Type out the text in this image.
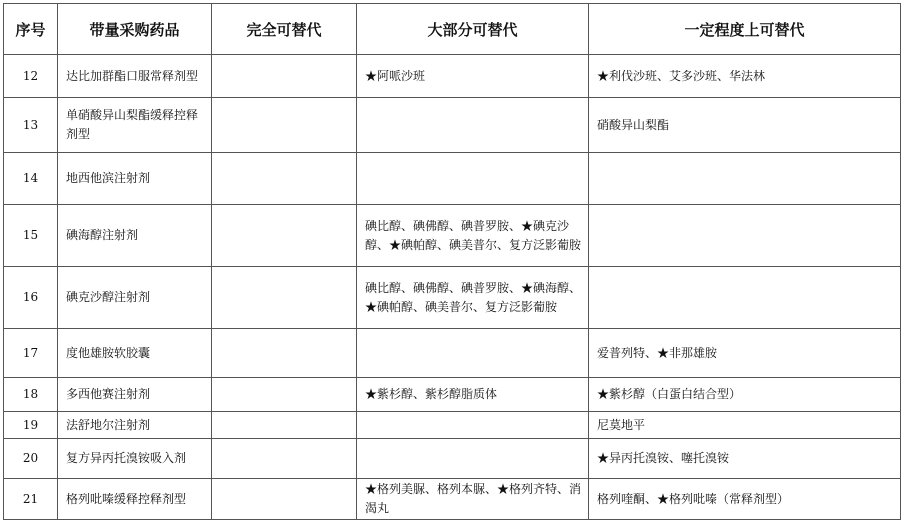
序号	带量采购药品	完全可替代	大部分可替代	一定程度上可替代
12	达比加群酯口服常释剂型		★阿哌沙班	★利伐沙班、艾多沙班、华法林
13	单硝酸异山梨酯缓释控释剂型			硝酸异山梨酯
14	地西他滨注射剂			
15	碘海醇注射剂		碘比醇、碘佛醇、碘普罗胺、★碘克沙醇、★碘帕醇、碘美普尔、复方泛影葡胺	
16	碘克沙醇注射剂		碘比醇、碘佛醇、碘普罗胺、★碘海醇、★碘帕醇、碘美普尔、复方泛影葡胺	
17	度他雄胺软胶囊			爱普列特、★非那雄胺
18	多西他赛注射剂		★紫杉醇、紫杉醇脂质体	★紫杉醇（白蛋白结合型）
19	法舒地尔注射剂			尼莫地平
20	复方异丙托溴铵吸入剂			★异丙托溴铵、噻托溴铵
21	格列吡嗪缓释控释剂型		★格列美脲、格列本脲、★格列齐特、消渴丸	格列喹酮、★格列吡嗪（常释剂型）
